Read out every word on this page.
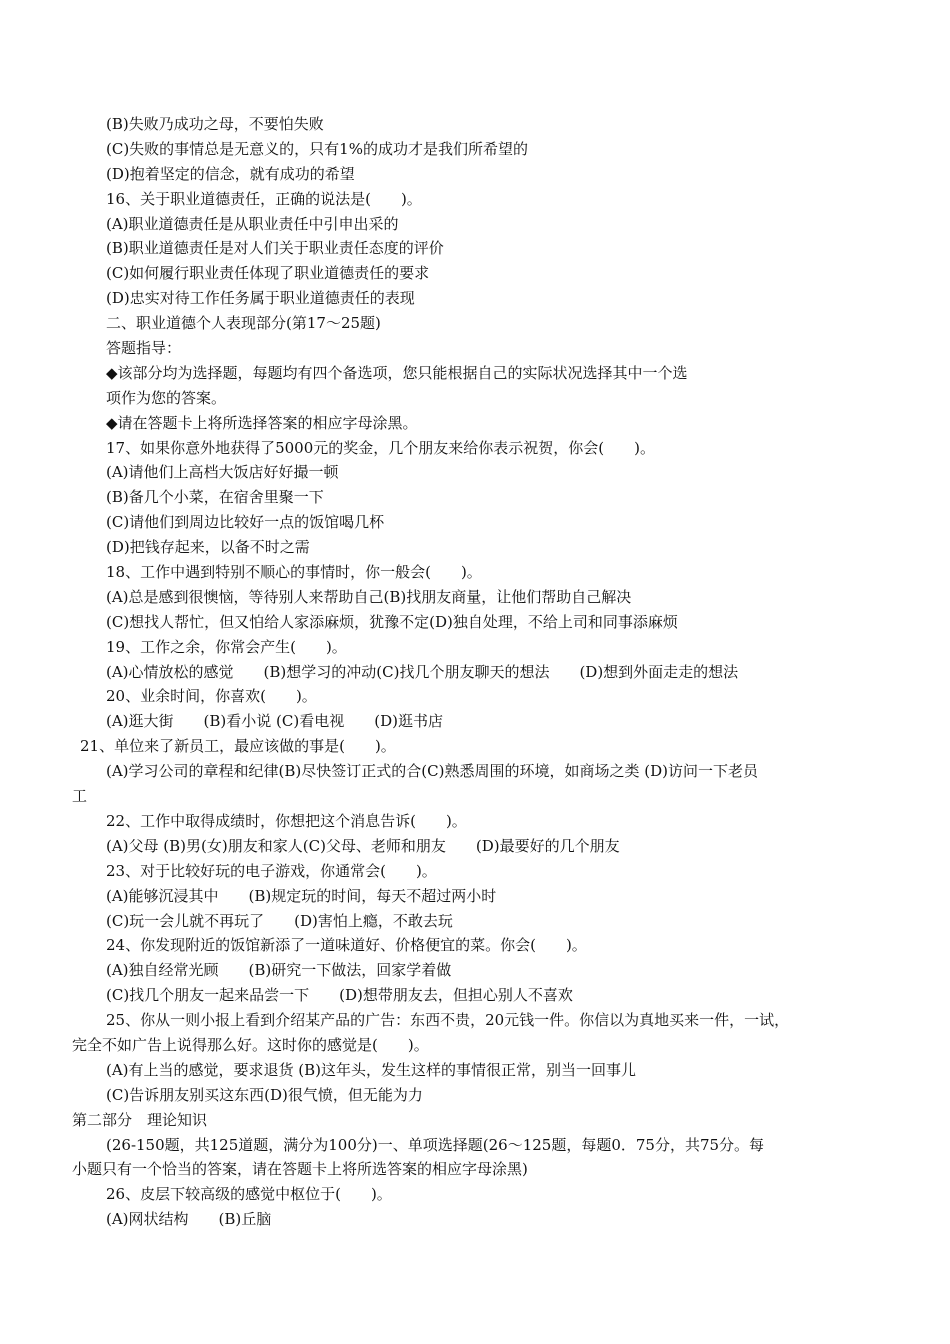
(B)失败乃成功之母，不要怕失败
(C)失败的事情总是无意义的，只有1%的成功才是我们所希望的
(D)抱着坚定的信念，就有成功的希望
16、关于职业道德责任，正确的说法是(　　)。
(A)职业道德责任是从职业责任中引申出采的
(B)职业道德责任是对人们关于职业责任态度的评价
(C)如何履行职业责任体现了职业道德责任的要求
(D)忠实对待工作任务属于职业道德责任的表现
二、职业道德个人表现部分(第17～25题)
答题指导：
◆该部分均为选择题，每题均有四个备选项，您只能根据自己的实际状况选择其中一个选
项作为您的答案。
◆请在答题卡上将所选择答案的相应字母涂黑。
17、如果你意外地获得了5000元的奖金，几个朋友来给你表示祝贺，你会(　　)。
(A)请他们上高档大饭店好好撮一顿
(B)备几个小菜，在宿舍里聚一下
(C)请他们到周边比较好一点的饭馆喝几杯
(D)把钱存起来，以备不时之需
18、工作中遇到特别不顺心的事情时，你一般会(　　)。
(A)总是感到很懊恼，等待别人来帮助自己(B)找朋友商量，让他们帮助自己解决
(C)想找人帮忙，但又怕给人家添麻烦，犹豫不定(D)独自处理，不给上司和同事添麻烦
19、工作之余，你常会产生(　　)。
(A)心情放松的感觉　　(B)想学习的冲动(C)找几个朋友聊天的想法　　(D)想到外面走走的想法
20、业余时间，你喜欢(　　)。
(A)逛大街　　(B)看小说 (C)看电视　　(D)逛书店
21、单位来了新员工，最应该做的事是(　　)。
(A)学习公司的章程和纪律(B)尽快签订正式的合(C)熟悉周围的环境，如商场之类 (D)访问一下老员
工
22、工作中取得成绩时，你想把这个消息告诉(　　)。
(A)父母 (B)男(女)朋友和家人(C)父母、老师和朋友　　(D)最要好的几个朋友
23、对于比较好玩的电子游戏，你通常会(　　)。
(A)能够沉浸其中　　(B)规定玩的时间，每天不超过两小时
(C)玩一会儿就不再玩了　　(D)害怕上瘾，不敢去玩
24、你发现附近的饭馆新添了一道味道好、价格便宜的菜。你会(　　)。
(A)独自经常光顾　　(B)研究一下做法，回家学着做
(C)找几个朋友一起来品尝一下　　(D)想带朋友去，但担心别人不喜欢
25、你从一则小报上看到介绍某产品的广告：东西不贵，20元钱一件。你信以为真地买来一件，一试，
完全不如广告上说得那么好。这时你的感觉是(　　)。
(A)有上当的感觉，要求退货 (B)这年头，发生这样的事情很正常，别当一回事儿
(C)告诉朋友别买这东西(D)很气愤，但无能为力
第二部分　理论知识
(26-150题，共125道题，满分为100分)一、单项选择题(26～125题，每题0．75分，共75分。每
小题只有一个恰当的答案，请在答题卡上将所选答案的相应字母涂黑)
26、皮层下较高级的感觉中枢位于(　　)。
(A)网状结构　　(B)丘脑
